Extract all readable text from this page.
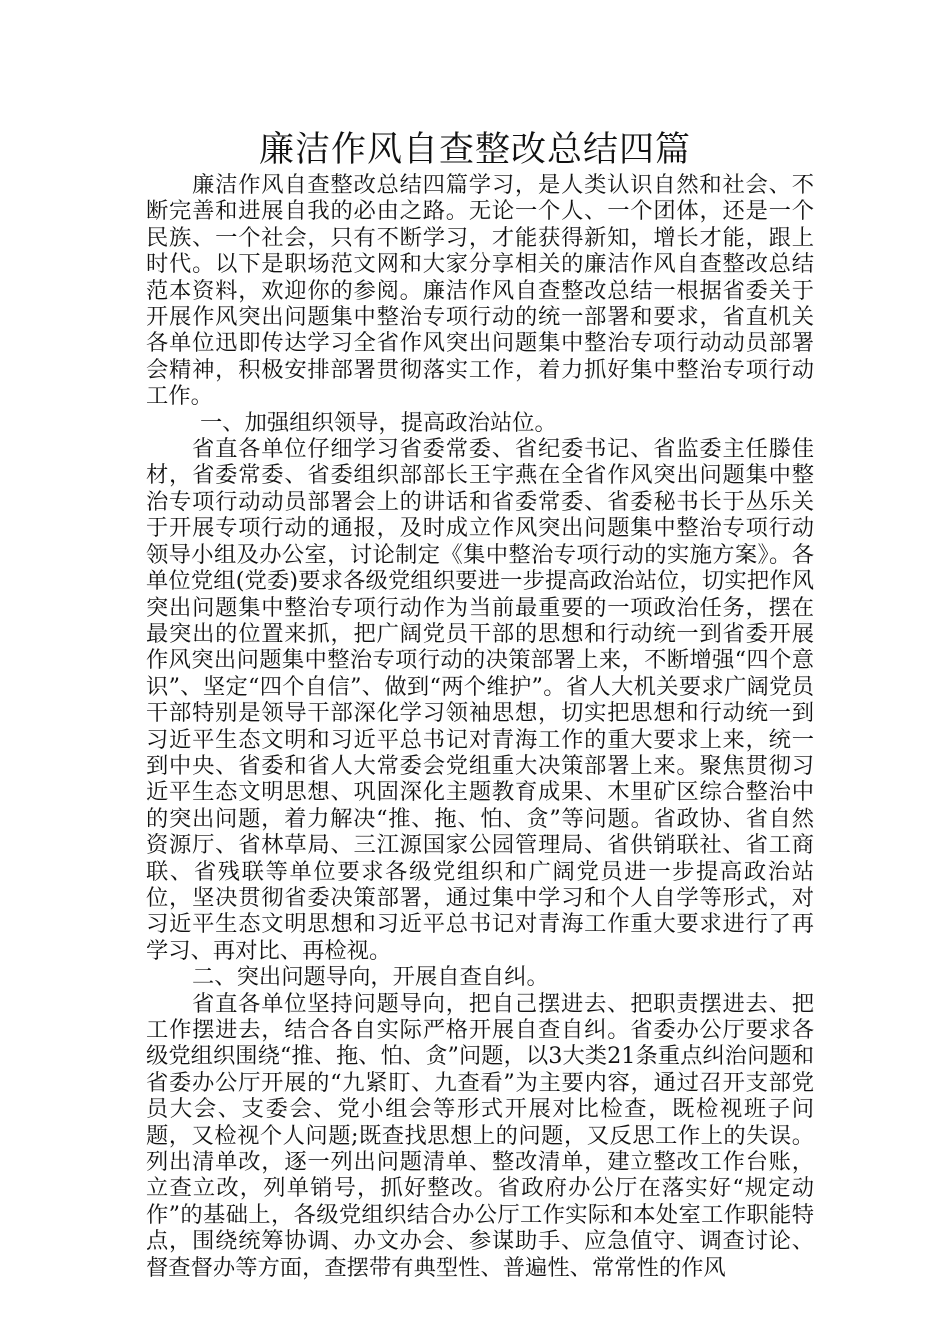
廉洁作风自查整改总结四篇

廉洁作风自查整改总结四篇学习，是人类认识自然和社会、不断完善和进展自我的必由之路。无论一个人、一个团体，还是一个民族、一个社会，只有不断学习，才能获得新知，增长才能，跟上时代。以下是职场范文网和大家分享相关的廉洁作风自查整改总结范本资料，欢迎你的参阅。廉洁作风自查整改总结一根据省委关于开展作风突出问题集中整治专项行动的统一部署和要求，省直机关各单位迅即传达学习全省作风突出问题集中整治专项行动动员部署会精神，积极安排部署贯彻落实工作，着力抓好集中整治专项行动工作。

一、加强组织领导，提高政治站位。

省直各单位仔细学习省委常委、省纪委书记、省监委主任滕佳材，省委常委、省委组织部部长王宇燕在全省作风突出问题集中整治专项行动动员部署会上的讲话和省委常委、省委秘书长于丛乐关于开展专项行动的通报，及时成立作风突出问题集中整治专项行动领导小组及办公室，讨论制定《集中整治专项行动的实施方案》。各单位党组(党委)要求各级党组织要进一步提高政治站位，切实把作风突出问题集中整治专项行动作为当前最重要的一项政治任务，摆在最突出的位置来抓，把广阔党员干部的思想和行动统一到省委开展作风突出问题集中整治专项行动的决策部署上来，不断增强“四个意识”、坚定“四个自信”、做到“两个维护”。省人大机关要求广阔党员干部特别是领导干部深化学习领袖思想，切实把思想和行动统一到习近平生态文明和习近平总书记对青海工作的重大要求上来，统一到中央、省委和省人大常委会党组重大决策部署上来。聚焦贯彻习近平生态文明思想、巩固深化主题教育成果、木里矿区综合整治中的突出问题，着力解决“推、拖、怕、贪”等问题。省政协、省自然资源厅、省林草局、三江源国家公园管理局、省供销联社、省工商联、省残联等单位要求各级党组织和广阔党员进一步提高政治站位，坚决贯彻省委决策部署，通过集中学习和个人自学等形式，对习近平生态文明思想和习近平总书记对青海工作重大要求进行了再学习、再对比、再检视。

二、突出问题导向，开展自查自纠。

省直各单位坚持问题导向，把自己摆进去、把职责摆进去、把工作摆进去，结合各自实际严格开展自查自纠。省委办公厅要求各级党组织围绕“推、拖、怕、贪”问题，以3大类21条重点纠治问题和省委办公厅开展的“九紧盯、九查看”为主要内容，通过召开支部党员大会、支委会、党小组会等形式开展对比检查，既检视班子问题，又检视个人问题;既查找思想上的问题，又反思工作上的失误。列出清单改，逐一列出问题清单、整改清单，建立整改工作台账，立查立改，列单销号，抓好整改。省政府办公厅在落实好“规定动作”的基础上，各级党组织结合办公厅工作实际和本处室工作职能特点，围绕统筹协调、办文办会、参谋助手、应急值守、调查讨论、督查督办等方面，查摆带有典型性、普遍性、常常性的作风
